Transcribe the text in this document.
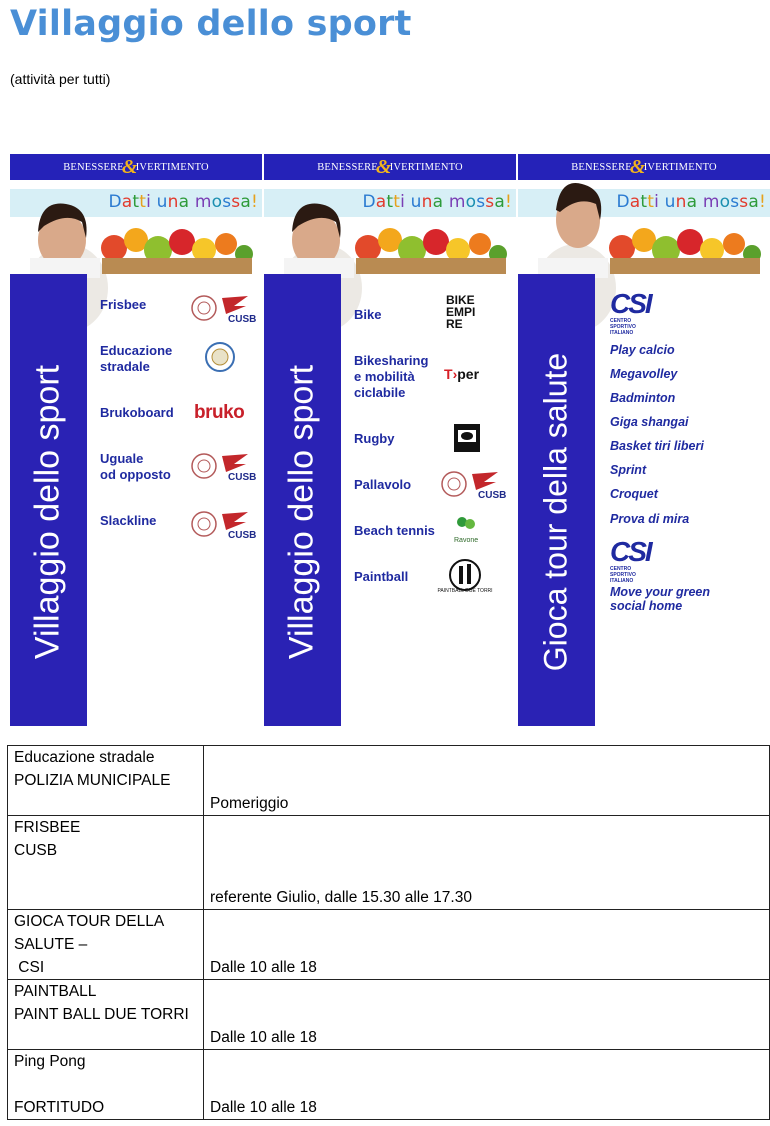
Villaggio dello sport
(attività per tutti)
BENESSERE
&
IVERTIMENTO
Datti una mossa!
Villaggio dello sport
Frisbee
CUSB
Educazione
stradale
Brukoboard bruko
Uguale
od opposto	CUSB
Slackline
CUSB
BENESSERE
&
IVERTIMENTO
Datti una mossa!
Villaggio dello sport
Bike
BIKE EMPI RE
Bikesharing
e mobilità
ciclabile
T›per
Rugby
Pallavolo
CUSB
Beach tennis
Ravone
Paintball
PAINTBALL DUE TORRI
BENESSERE
&
IVERTIMENTO
Datti una mossa!
Gioca tour della salute
CSI
CENTRO SPORTIVO ITALIANO
Play calcio
Megavolley
Badminton
Giga shangai
Basket tiri liberi
Sprint
Croquet
Prova di mira
CSI
CENTRO SPORTIVO ITALIANO
Move your green
social home
Educazione stradale
POLIZIA MUNICIPALE	Pomeriggio

FRISBEE
CUSB	referente Giulio, dalle 15.30 alle 17.30

GIOCA TOUR DELLA
SALUTE –
CSI	Dalle 10 alle 18

PAINTBALL
PAINT BALL DUE TORRI	Dalle 10 alle 18

Ping Pong

FORTITUDO	Dalle 10 alle 18
